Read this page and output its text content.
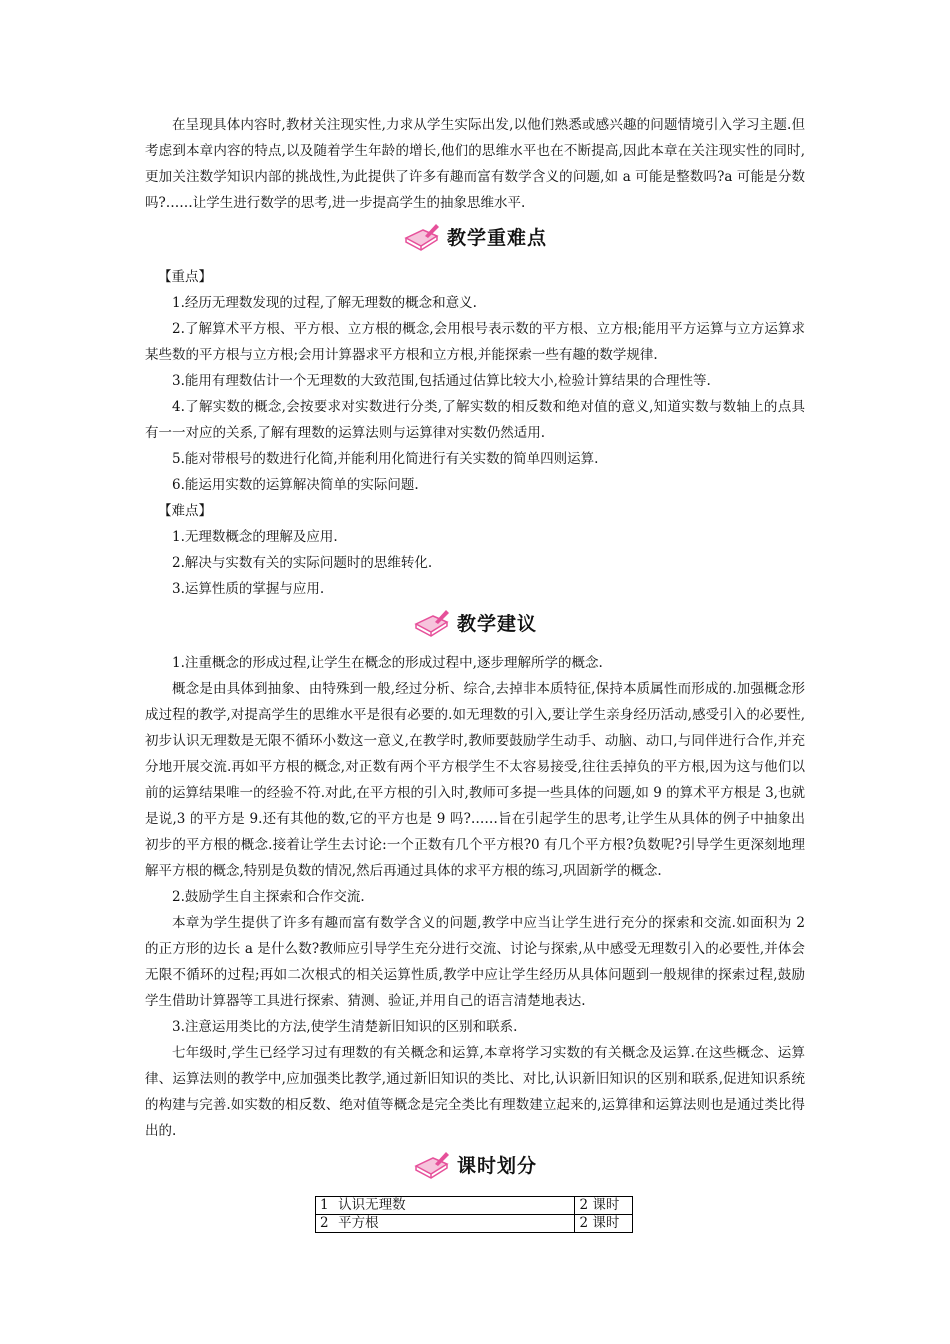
在呈现具体内容时,教材关注现实性,力求从学生实际出发,以他们熟悉或感兴趣的问题情境引入学习主题.但考虑到本章内容的特点,以及随着学生年龄的增长,他们的思维水平也在不断提高,因此本章在关注现实性的同时,更加关注数学知识内部的挑战性,为此提供了许多有趣而富有数学含义的问题,如 a 可能是整数吗?a 可能是分数吗?……让学生进行数学的思考,进一步提高学生的抽象思维水平.

教学重难点

【重点】

1.经历无理数发现的过程,了解无理数的概念和意义.

2.了解算术平方根、平方根、立方根的概念,会用根号表示数的平方根、立方根;能用平方运算与立方运算求某些数的平方根与立方根;会用计算器求平方根和立方根,并能探索一些有趣的数学规律.

3.能用有理数估计一个无理数的大致范围,包括通过估算比较大小,检验计算结果的合理性等.

4.了解实数的概念,会按要求对实数进行分类,了解实数的相反数和绝对值的意义,知道实数与数轴上的点具有一一对应的关系,了解有理数的运算法则与运算律对实数仍然适用.

5.能对带根号的数进行化简,并能利用化简进行有关实数的简单四则运算.

6.能运用实数的运算解决简单的实际问题.

【难点】

1.无理数概念的理解及应用.

2.解决与实数有关的实际问题时的思维转化.

3.运算性质的掌握与应用.

教学建议

1.注重概念的形成过程,让学生在概念的形成过程中,逐步理解所学的概念.

概念是由具体到抽象、由特殊到一般,经过分析、综合,去掉非本质特征,保持本质属性而形成的.加强概念形成过程的教学,对提高学生的思维水平是很有必要的.如无理数的引入,要让学生亲身经历活动,感受引入的必要性,初步认识无理数是无限不循环小数这一意义,在教学时,教师要鼓励学生动手、动脑、动口,与同伴进行合作,并充分地开展交流.再如平方根的概念,对正数有两个平方根学生不太容易接受,往往丢掉负的平方根,因为这与他们以前的运算结果唯一的经验不符.对此,在平方根的引入时,教师可多提一些具体的问题,如 9 的算术平方根是 3,也就是说,3 的平方是 9.还有其他的数,它的平方也是 9 吗?……旨在引起学生的思考,让学生从具体的例子中抽象出初步的平方根的概念.接着让学生去讨论:一个正数有几个平方根?0 有几个平方根?负数呢?引导学生更深刻地理解平方根的概念,特别是负数的情况,然后再通过具体的求平方根的练习,巩固新学的概念.

2.鼓励学生自主探索和合作交流.

本章为学生提供了许多有趣而富有数学含义的问题,教学中应当让学生进行充分的探索和交流.如面积为 2 的正方形的边长 a 是什么数?教师应引导学生充分进行交流、讨论与探索,从中感受无理数引入的必要性,并体会无限不循环的过程;再如二次根式的相关运算性质,教学中应让学生经历从具体问题到一般规律的探索过程,鼓励学生借助计算器等工具进行探索、猜测、验证,并用自己的语言清楚地表达.

3.注意运用类比的方法,使学生清楚新旧知识的区别和联系.

七年级时,学生已经学习过有理数的有关概念和运算,本章将学习实数的有关概念及运算.在这些概念、运算律、运算法则的教学中,应加强类比教学,通过新旧知识的类比、对比,认识新旧知识的区别和联系,促进知识系统的构建与完善.如实数的相反数、绝对值等概念是完全类比有理数建立起来的,运算律和运算法则也是通过类比得出的.

课时划分
1	认识无理数	2 课时
2	平方根	2 课时
